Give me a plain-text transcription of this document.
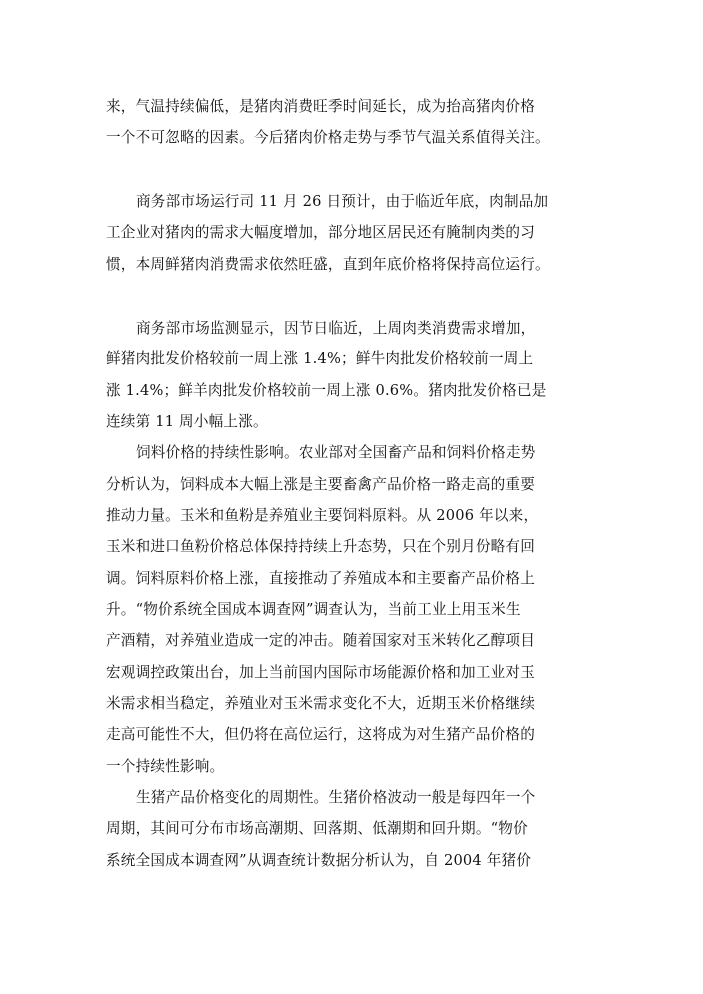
来，气温持续偏低，是猪肉消费旺季时间延长，成为抬高猪肉价格
一个不可忽略的因素。今后猪肉价格走势与季节气温关系值得关注。
商务部市场运行司 11 月 26 日预计，由于临近年底，肉制品加
工企业对猪肉的需求大幅度增加，部分地区居民还有腌制肉类的习
惯，本周鲜猪肉消费需求依然旺盛，直到年底价格将保持高位运行。
商务部市场监测显示，因节日临近，上周肉类消费需求增加，
鲜猪肉批发价格较前一周上涨 1.4%；鲜牛肉批发价格较前一周上
涨 1.4%；鲜羊肉批发价格较前一周上涨 0.6%。猪肉批发价格已是
连续第 11 周小幅上涨。
饲料价格的持续性影响。农业部对全国畜产品和饲料价格走势
分析认为，饲料成本大幅上涨是主要畜禽产品价格一路走高的重要
推动力量。玉米和鱼粉是养殖业主要饲料原料。从 2006 年以来，
玉米和进口鱼粉价格总体保持持续上升态势，只在个别月份略有回
调。饲料原料价格上涨，直接推动了养殖成本和主要畜产品价格上
升。“物价系统全国成本调查网”调查认为，当前工业上用玉米生
产酒精，对养殖业造成一定的冲击。随着国家对玉米转化乙醇项目
宏观调控政策出台，加上当前国内国际市场能源价格和加工业对玉
米需求相当稳定，养殖业对玉米需求变化不大，近期玉米价格继续
走高可能性不大，但仍将在高位运行，这将成为对生猪产品价格的
一个持续性影响。
生猪产品价格变化的周期性。生猪价格波动一般是每四年一个
周期，其间可分布市场高潮期、回落期、低潮期和回升期。“物价
系统全国成本调查网”从调查统计数据分析认为，自 2004 年猪价
